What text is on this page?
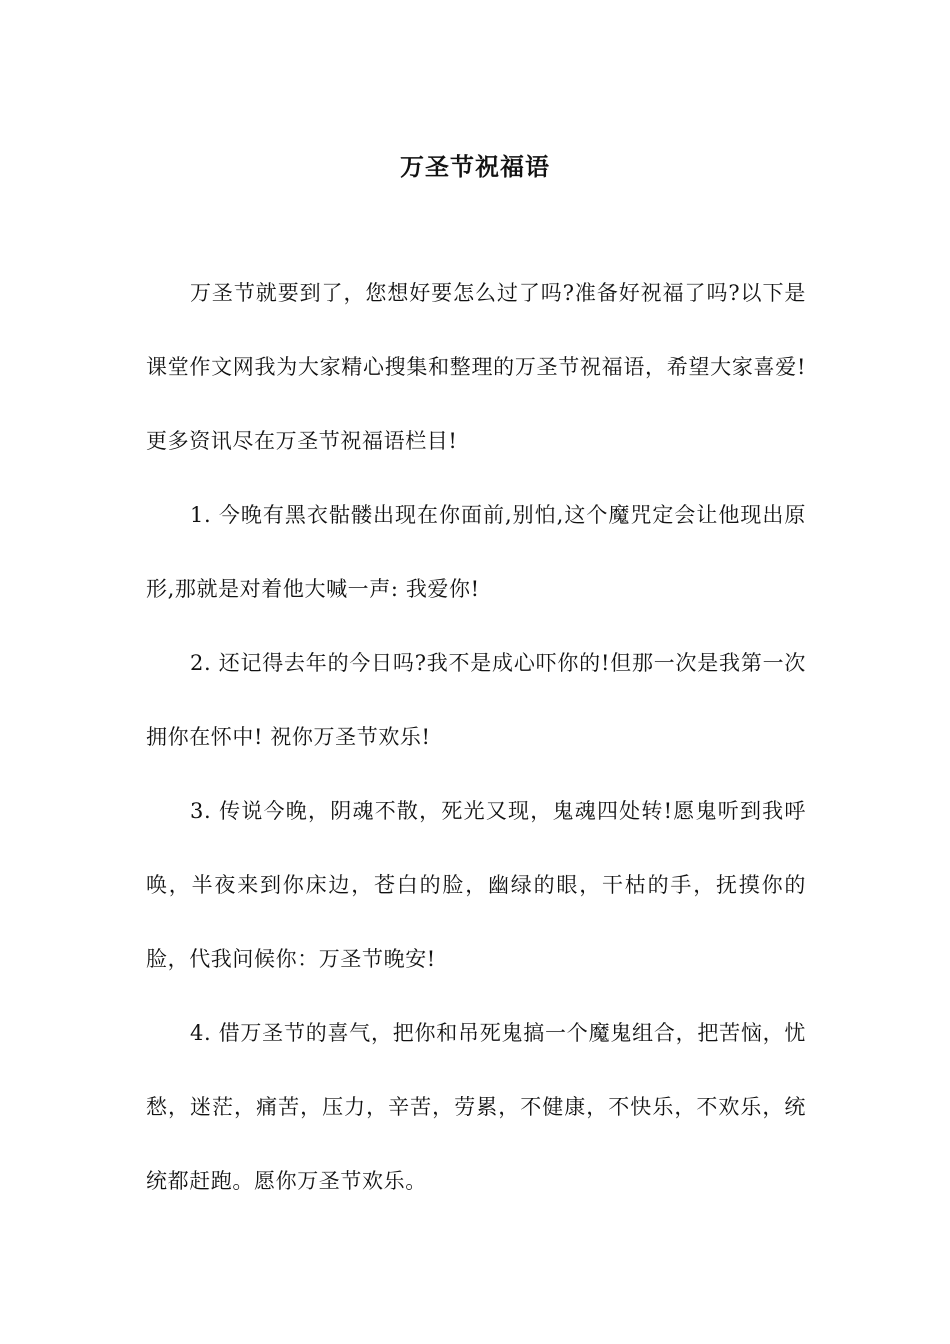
万圣节祝福语

万圣节就要到了，您想好要怎么过了吗?准备好祝福了吗?以下是课堂作文网我为大家精心搜集和整理的万圣节祝福语，希望大家喜爱!更多资讯尽在万圣节祝福语栏目!

1. 今晚有黑衣骷髅出现在你面前,别怕,这个魔咒定会让他现出原形,那就是对着他大喊一声: 我爱你!

2. 还记得去年的今日吗?我不是成心吓你的!但那一次是我第一次拥你在怀中! 祝你万圣节欢乐!

3. 传说今晚，阴魂不散，死光又现，鬼魂四处转!愿鬼听到我呼唤，半夜来到你床边，苍白的脸，幽绿的眼，干枯的手，抚摸你的脸，代我问候你：万圣节晚安!

4. 借万圣节的喜气，把你和吊死鬼搞一个魔鬼组合，把苦恼，忧愁，迷茫，痛苦，压力，辛苦，劳累，不健康，不快乐，不欢乐，统统都赶跑。愿你万圣节欢乐。
